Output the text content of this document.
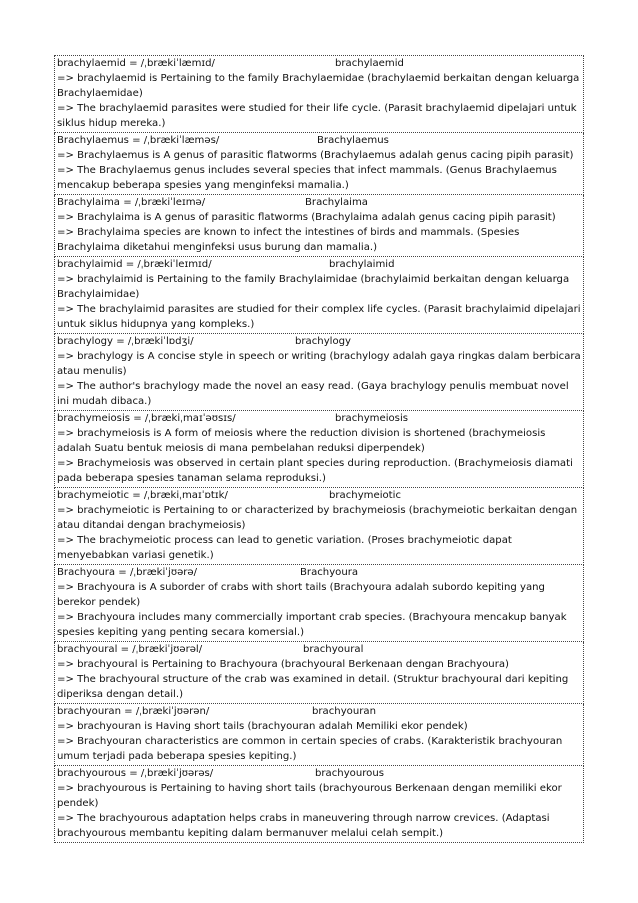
brachylaemid = /ˌbrækiˈlæmɪd/	brachylaemid
=> brachylaemid is Pertaining to the family Brachylaemidae (brachylaemid berkaitan dengan keluarga Brachylaemidae)
=> The brachylaemid parasites were studied for their life cycle. (Parasit brachylaemid dipelajari untuk siklus hidup mereka.)
Brachylaemus = /ˌbrækiˈlæməs/	Brachylaemus
=> Brachylaemus is A genus of parasitic flatworms (Brachylaemus adalah genus cacing pipih parasit)
=> The Brachylaemus genus includes several species that infect mammals. (Genus Brachylaemus mencakup beberapa spesies yang menginfeksi mamalia.)
Brachylaima = /ˌbrækiˈleɪmə/	Brachylaima
=> Brachylaima is A genus of parasitic flatworms (Brachylaima adalah genus cacing pipih parasit)
=> Brachylaima species are known to infect the intestines of birds and mammals. (Spesies Brachylaima diketahui menginfeksi usus burung dan mamalia.)
brachylaimid = /ˌbrækiˈleɪmɪd/	brachylaimid
=> brachylaimid is Pertaining to the family Brachylaimidae (brachylaimid berkaitan dengan keluarga Brachylaimidae)
=> The brachylaimid parasites are studied for their complex life cycles. (Parasit brachylaimid dipelajari untuk siklus hidupnya yang kompleks.)
brachylogy = /ˌbrækiˈlɒdʒi/	brachylogy
=> brachylogy is A concise style in speech or writing (brachylogy adalah gaya ringkas dalam berbicara atau menulis)
=> The author's brachylogy made the novel an easy read. (Gaya brachylogy penulis membuat novel ini mudah dibaca.)
brachymeiosis = /ˌbrækiˌmaɪˈəʊsɪs/	brachymeiosis
=> brachymeiosis is A form of meiosis where the reduction division is shortened (brachymeiosis adalah Suatu bentuk meiosis di mana pembelahan reduksi diperpendek)
=> Brachymeiosis was observed in certain plant species during reproduction. (Brachymeiosis diamati pada beberapa spesies tanaman selama reproduksi.)
brachymeiotic = /ˌbrækiˌmaɪˈɒtɪk/	brachymeiotic
=> brachymeiotic is Pertaining to or characterized by brachymeiosis (brachymeiotic berkaitan dengan atau ditandai dengan brachymeiosis)
=> The brachymeiotic process can lead to genetic variation. (Proses brachymeiotic dapat menyebabkan variasi genetik.)
Brachyoura = /ˌbrækiˈjʊərə/	Brachyoura
=> Brachyoura is A suborder of crabs with short tails (Brachyoura adalah subordo kepiting yang berekor pendek)
=> Brachyoura includes many commercially important crab species. (Brachyoura mencakup banyak spesies kepiting yang penting secara komersial.)
brachyoural = /ˌbrækiˈjʊərəl/	brachyoural
=> brachyoural is Pertaining to Brachyoura (brachyoural Berkenaan dengan Brachyoura)
=> The brachyoural structure of the crab was examined in detail. (Struktur brachyoural dari kepiting diperiksa dengan detail.)
brachyouran = /ˌbrækiˈjʊərən/	brachyouran
=> brachyouran is Having short tails (brachyouran adalah Memiliki ekor pendek)
=> Brachyouran characteristics are common in certain species of crabs. (Karakteristik brachyouran umum terjadi pada beberapa spesies kepiting.)
brachyourous = /ˌbrækiˈjʊərəs/	brachyourous
=> brachyourous is Pertaining to having short tails (brachyourous Berkenaan dengan memiliki ekor pendek)
=> The brachyourous adaptation helps crabs in maneuvering through narrow crevices. (Adaptasi brachyourous membantu kepiting dalam bermanuver melalui celah sempit.)
